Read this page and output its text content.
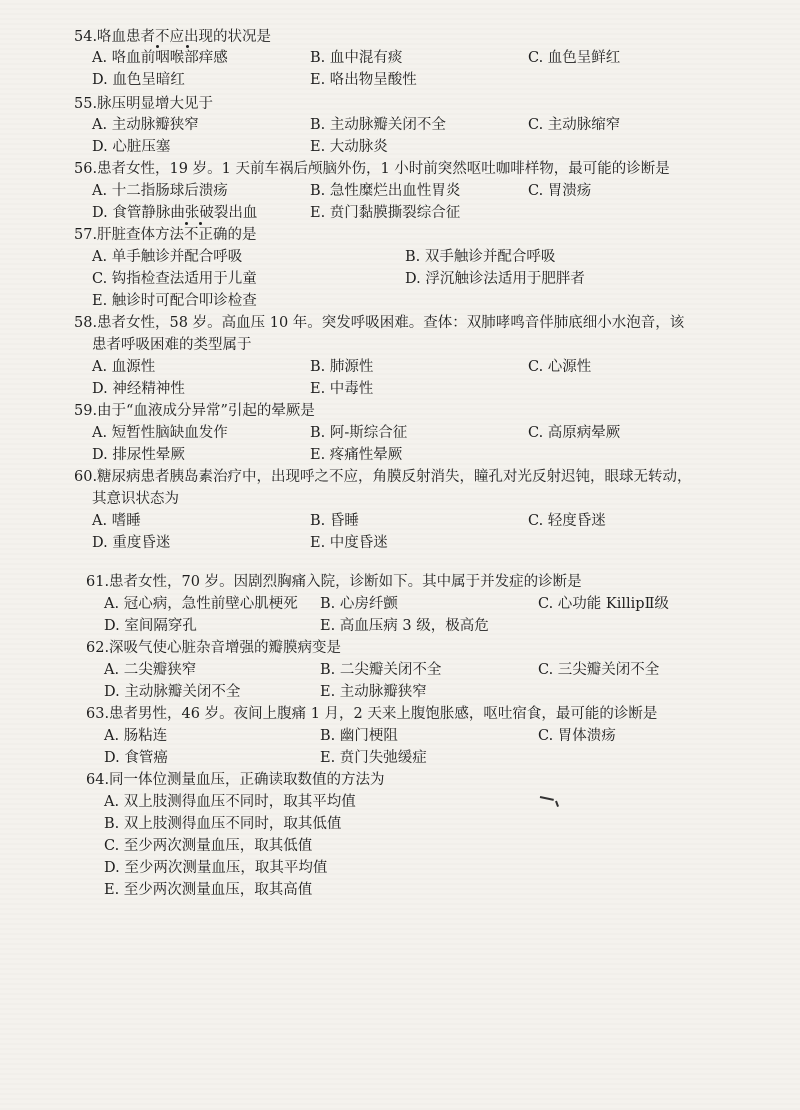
54.咯血患者不应出现的状况是
A. 咯血前咽喉部痒感	B. 血中混有痰	C. 血色呈鲜红
D. 血色呈暗红	E. 咯出物呈酸性
55.脉压明显增大见于
A. 主动脉瓣狭窄	B. 主动脉瓣关闭不全	C. 主动脉缩窄
D. 心脏压塞	E. 大动脉炎
56.患者女性，19 岁。1 天前车祸后颅脑外伤，1 小时前突然呕吐咖啡样物，最可能的诊断是
A. 十二指肠球后溃疡	B. 急性糜烂出血性胃炎	C. 胃溃疡
D. 食管静脉曲张破裂出血	E. 贲门黏膜撕裂综合征
57.肝脏查体方法不正确的是
A. 单手触诊并配合呼吸	B. 双手触诊并配合呼吸
C. 钩指检查法适用于儿童	D. 浮沉触诊法适用于肥胖者
E. 触诊时可配合叩诊检查
58.患者女性，58 岁。高血压 10 年。突发呼吸困难。查体：双肺哮鸣音伴肺底细小水泡音，该
患者呼吸困难的类型属于
A. 血源性	B. 肺源性	C. 心源性
D. 神经精神性	E. 中毒性
59.由于“血液成分异常”引起的晕厥是
A. 短暂性脑缺血发作	B. 阿-斯综合征	C. 高原病晕厥
D. 排尿性晕厥	E. 疼痛性晕厥
60.糖尿病患者胰岛素治疗中，出现呼之不应，角膜反射消失，瞳孔对光反射迟钝，眼球无转动，
其意识状态为
A. 嗜睡	B. 昏睡	C. 轻度昏迷
D. 重度昏迷	E. 中度昏迷
61.患者女性，70 岁。因剧烈胸痛入院，诊断如下。其中属于并发症的诊断是
A. 冠心病，急性前壁心肌梗死 B. 心房纤颤	C. 心功能 KillipⅡ级
D. 室间隔穿孔	E. 高血压病 3 级，极高危
62.深吸气使心脏杂音增强的瓣膜病变是
A. 二尖瓣狭窄	B. 二尖瓣关闭不全	C. 三尖瓣关闭不全
D. 主动脉瓣关闭不全	E. 主动脉瓣狭窄
63.患者男性，46 岁。夜间上腹痛 1 月，2 天来上腹饱胀感，呕吐宿食，最可能的诊断是
A. 肠粘连	B. 幽门梗阻	C. 胃体溃疡
D. 食管癌	E. 贲门失弛缓症
64.同一体位测量血压，正确读取数值的方法为
A. 双上肢测得血压不同时，取其平均值
B. 双上肢测得血压不同时，取其低值
C. 至少两次测量血压，取其低值
D. 至少两次测量血压，取其平均值
E. 至少两次测量血压，取其高值
